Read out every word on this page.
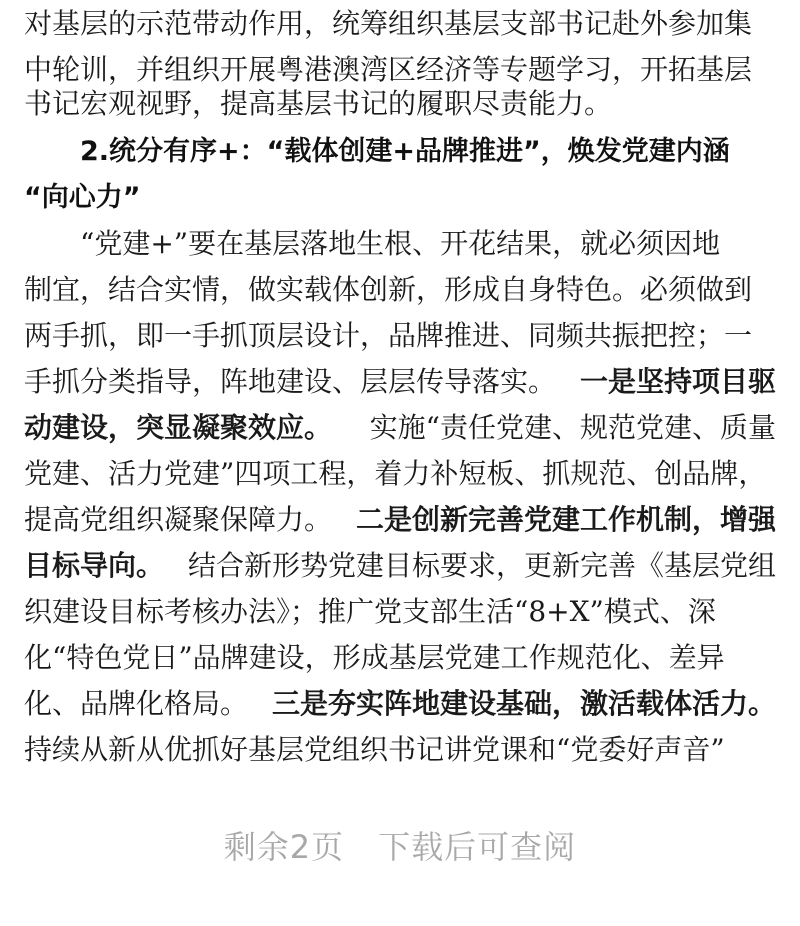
对基层的示范带动作用，统筹组织基层支部书记赴外参加集
中轮训，并组织开展粤港澳湾区经济等专题学习，开拓基层
书记宏观视野，提高基层书记的履职尽责能力。
2.统分有序+：“载体创建+品牌推进”，焕发党建内涵
“向心力”
“党建+”要在基层落地生根、开花结果，就必须因地
制宜，结合实情，做实载体创新，形成自身特色。必须做到
两手抓，即一手抓顶层设计，品牌推进、同频共振把控；一
手抓分类指导，阵地建设、层层传导落实。 一是坚持项目驱
动建设，突显凝聚效应。 实施“责任党建、规范党建、质量
党建、活力党建”四项工程，着力补短板、抓规范、创品牌，
提高党组织凝聚保障力。 二是创新完善党建工作机制，增强
目标导向。 结合新形势党建目标要求，更新完善《基层党组
织建设目标考核办法》；推广党支部生活“8+X”模式、深
化“特色党日”品牌建设，形成基层党建工作规范化、差异
化、品牌化格局。 三是夯实阵地建设基础，激活载体活力。
持续从新从优抓好基层党组织书记讲党课和“党委好声音”
剩余2页 下载后可查阅
